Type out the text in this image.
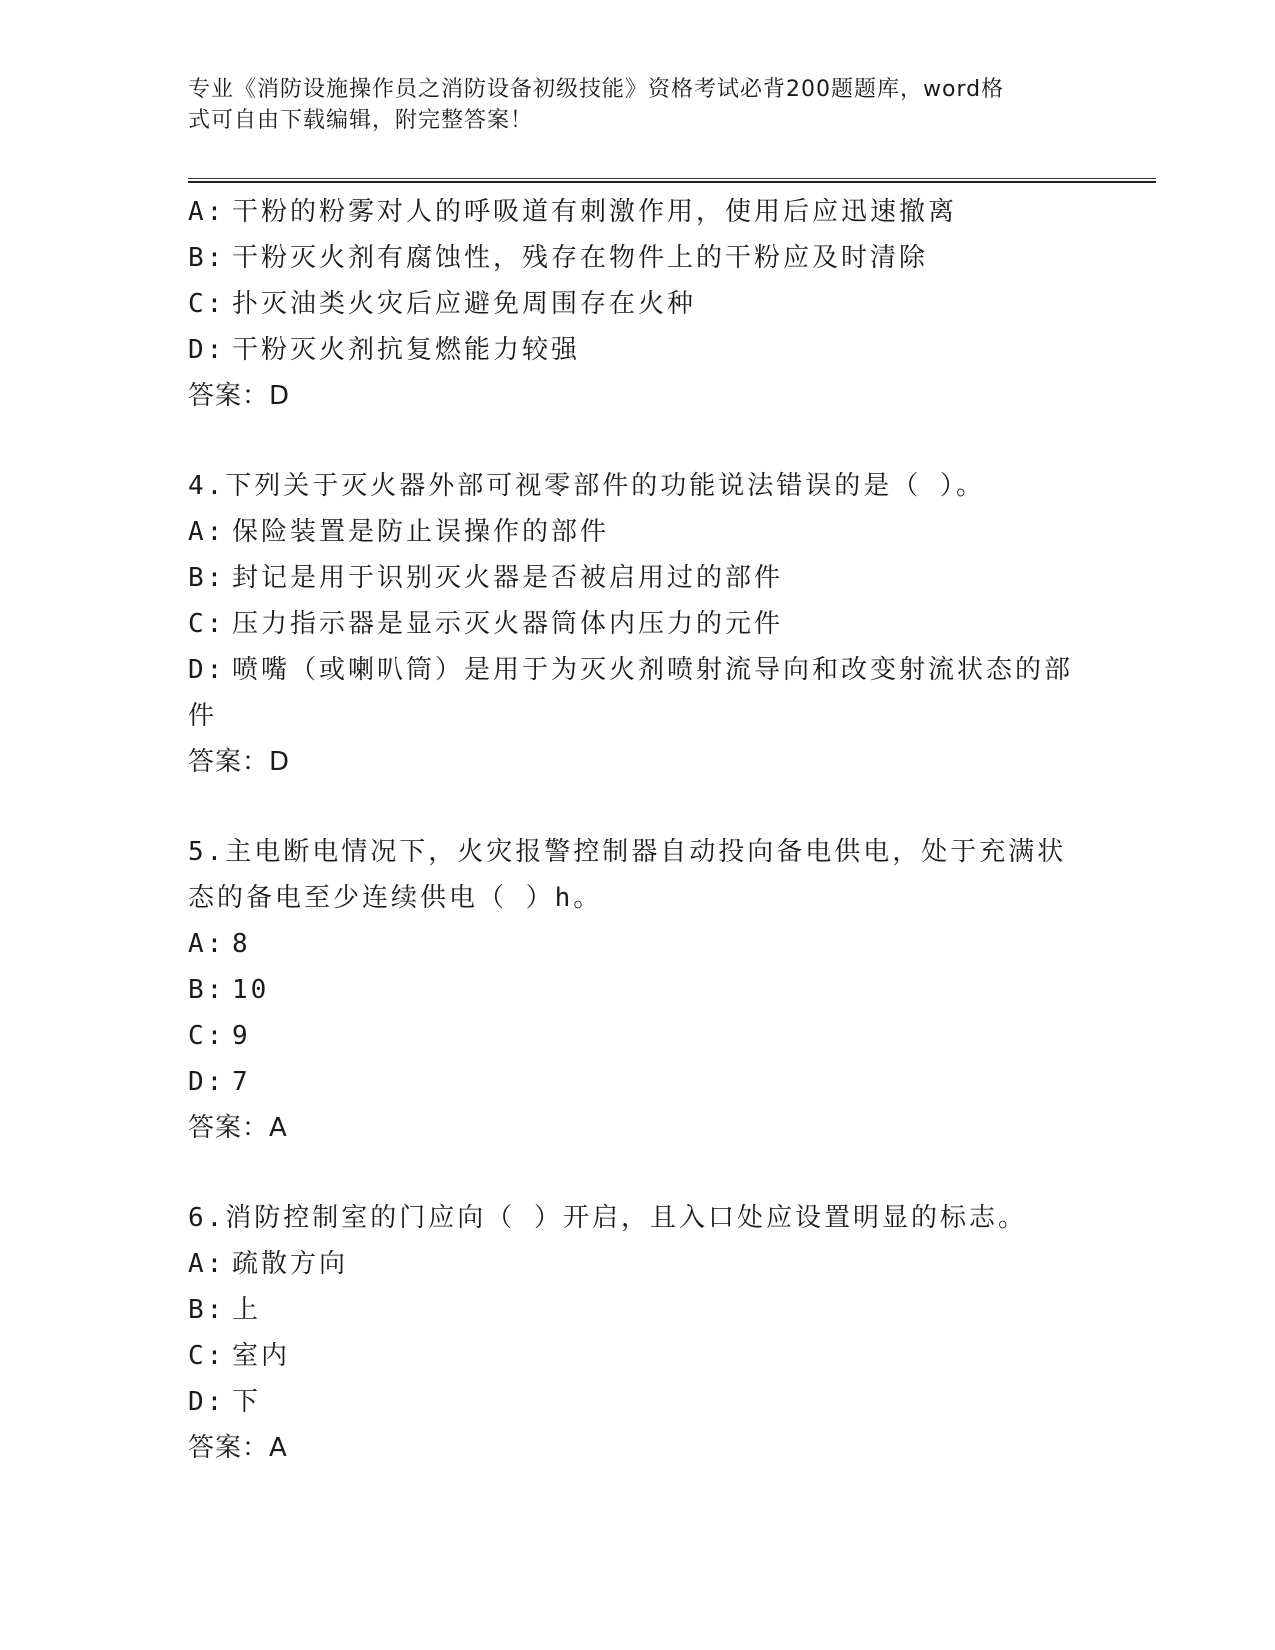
专业《消防设施操作员之消防设备初级技能》资格考试必背200题题库，word格
式可自由下载编辑，附完整答案！
A: 干粉的粉雾对人的呼吸道有刺激作用，使用后应迅速撤离
B: 干粉灭火剂有腐蚀性，残存在物件上的干粉应及时清除
C: 扑灭油类火灾后应避免周围存在火种
D: 干粉灭火剂抗复燃能力较强
答案：D
4.下列关于灭火器外部可视零部件的功能说法错误的是（ ）。
A: 保险装置是防止误操作的部件
B: 封记是用于识别灭火器是否被启用过的部件
C: 压力指示器是显示灭火器筒体内压力的元件
D: 喷嘴（或喇叭筒）是用于为灭火剂喷射流导向和改变射流状态的部
件
答案：D
5.主电断电情况下，火灾报警控制器自动投向备电供电，处于充满状
态的备电至少连续供电（ ）h。
A: 8
B: 10
C: 9
D: 7
答案：A
6.消防控制室的门应向（ ）开启，且入口处应设置明显的标志。
A: 疏散方向
B: 上
C: 室内
D: 下
答案：A
